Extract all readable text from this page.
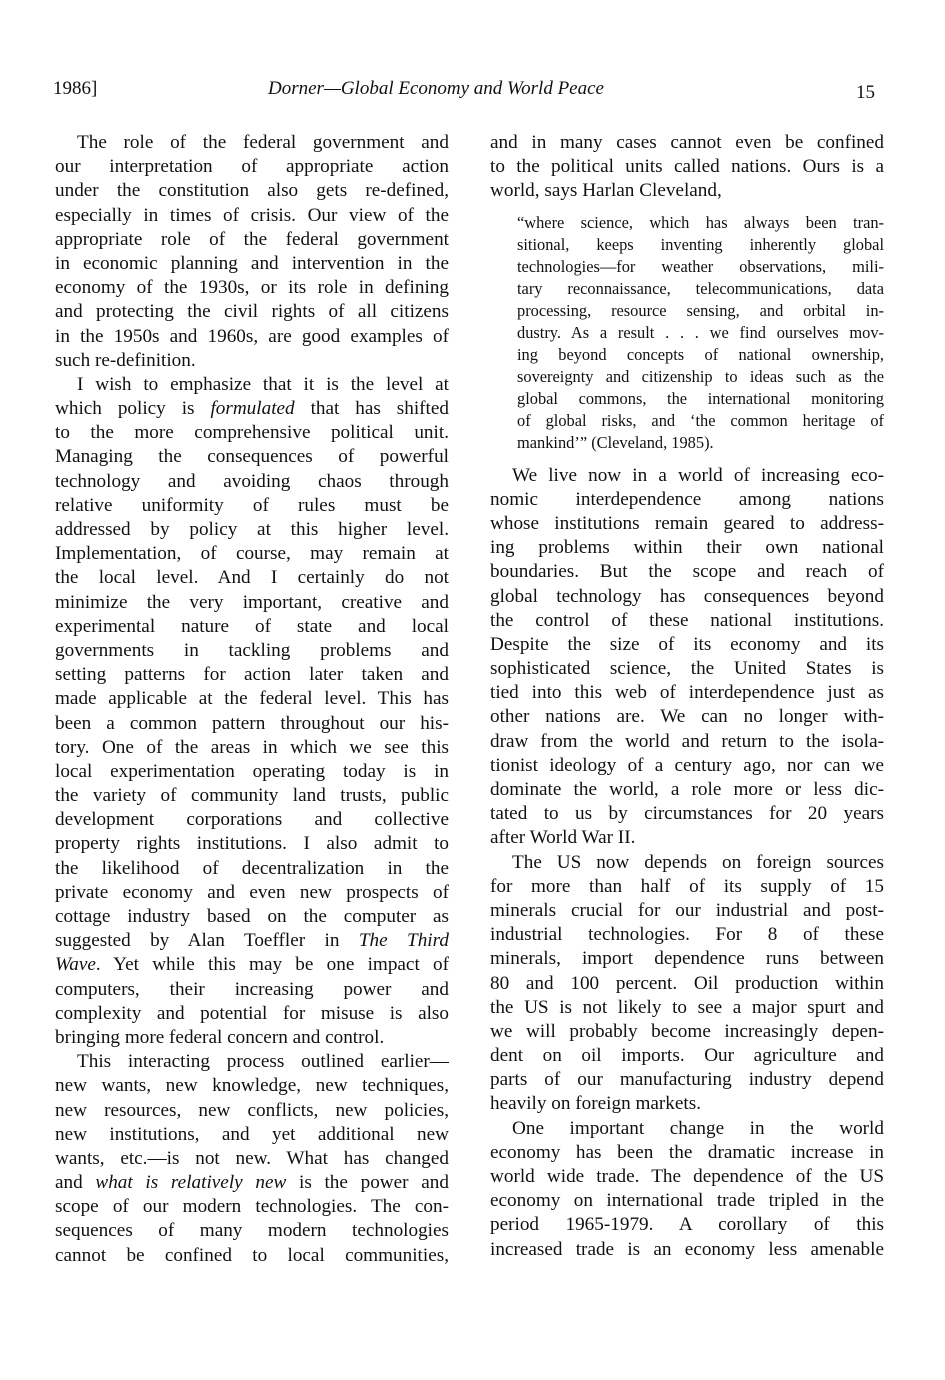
1986]	Dorner—Global Economy and World Peace	15
The role of the federal government and
our interpretation of appropriate action
under the constitution also gets re-defined,
especially in times of crisis. Our view of the
appropriate role of the federal government
in economic planning and intervention in the
economy of the 1930s, or its role in defining
and protecting the civil rights of all citizens
in the 1950s and 1960s, are good examples of
such re-definition.
I wish to emphasize that it is the level at
which policy is formulated that has shifted
to the more comprehensive political unit.
Managing the consequences of powerful
technology and avoiding chaos through
relative uniformity of rules must be
addressed by policy at this higher level.
Implementation, of course, may remain at
the local level. And I certainly do not
minimize the very important, creative and
experimental nature of state and local
governments in tackling problems and
setting patterns for action later taken and
made applicable at the federal level. This has
been a common pattern throughout our his-
tory. One of the areas in which we see this
local experimentation operating today is in
the variety of community land trusts, public
development corporations and collective
property rights institutions. I also admit to
the likelihood of decentralization in the
private economy and even new prospects of
cottage industry based on the computer as
suggested by Alan Toeffler in The Third
Wave. Yet while this may be one impact of
computers, their increasing power and
complexity and potential for misuse is also
bringing more federal concern and control.
This interacting process outlined earlier—
new wants, new knowledge, new techniques,
new resources, new conflicts, new policies,
new institutions, and yet additional new
wants, etc.—is not new. What has changed
and what is relatively new is the power and
scope of our modern technologies. The con-
sequences of many modern technologies
cannot be confined to local communities,
and in many cases cannot even be confined
to the political units called nations. Ours is a
world, says Harlan Cleveland,
“where science, which has always been tran-
sitional, keeps inventing inherently global
technologies—for weather observations, mili-
tary reconnaissance, telecommunications, data
processing, resource sensing, and orbital in-
dustry. As a result . . . we find ourselves mov-
ing beyond concepts of national ownership,
sovereignty and citizenship to ideas such as the
global commons, the international monitoring
of global risks, and ‘the common heritage of
mankind’” (Cleveland, 1985).
We live now in a world of increasing eco-
nomic interdependence among nations
whose institutions remain geared to address-
ing problems within their own national
boundaries. But the scope and reach of
global technology has consequences beyond
the control of these national institutions.
Despite the size of its economy and its
sophisticated science, the United States is
tied into this web of interdependence just as
other nations are. We can no longer with-
draw from the world and return to the isola-
tionist ideology of a century ago, nor can we
dominate the world, a role more or less dic-
tated to us by circumstances for 20 years
after World War II.
The US now depends on foreign sources
for more than half of its supply of 15
minerals crucial for our industrial and post-
industrial technologies. For 8 of these
minerals, import dependence runs between
80 and 100 percent. Oil production within
the US is not likely to see a major spurt and
we will probably become increasingly depen-
dent on oil imports. Our agriculture and
parts of our manufacturing industry depend
heavily on foreign markets.
One important change in the world
economy has been the dramatic increase in
world wide trade. The dependence of the US
economy on international trade tripled in the
period 1965-1979. A corollary of this
increased trade is an economy less amenable
